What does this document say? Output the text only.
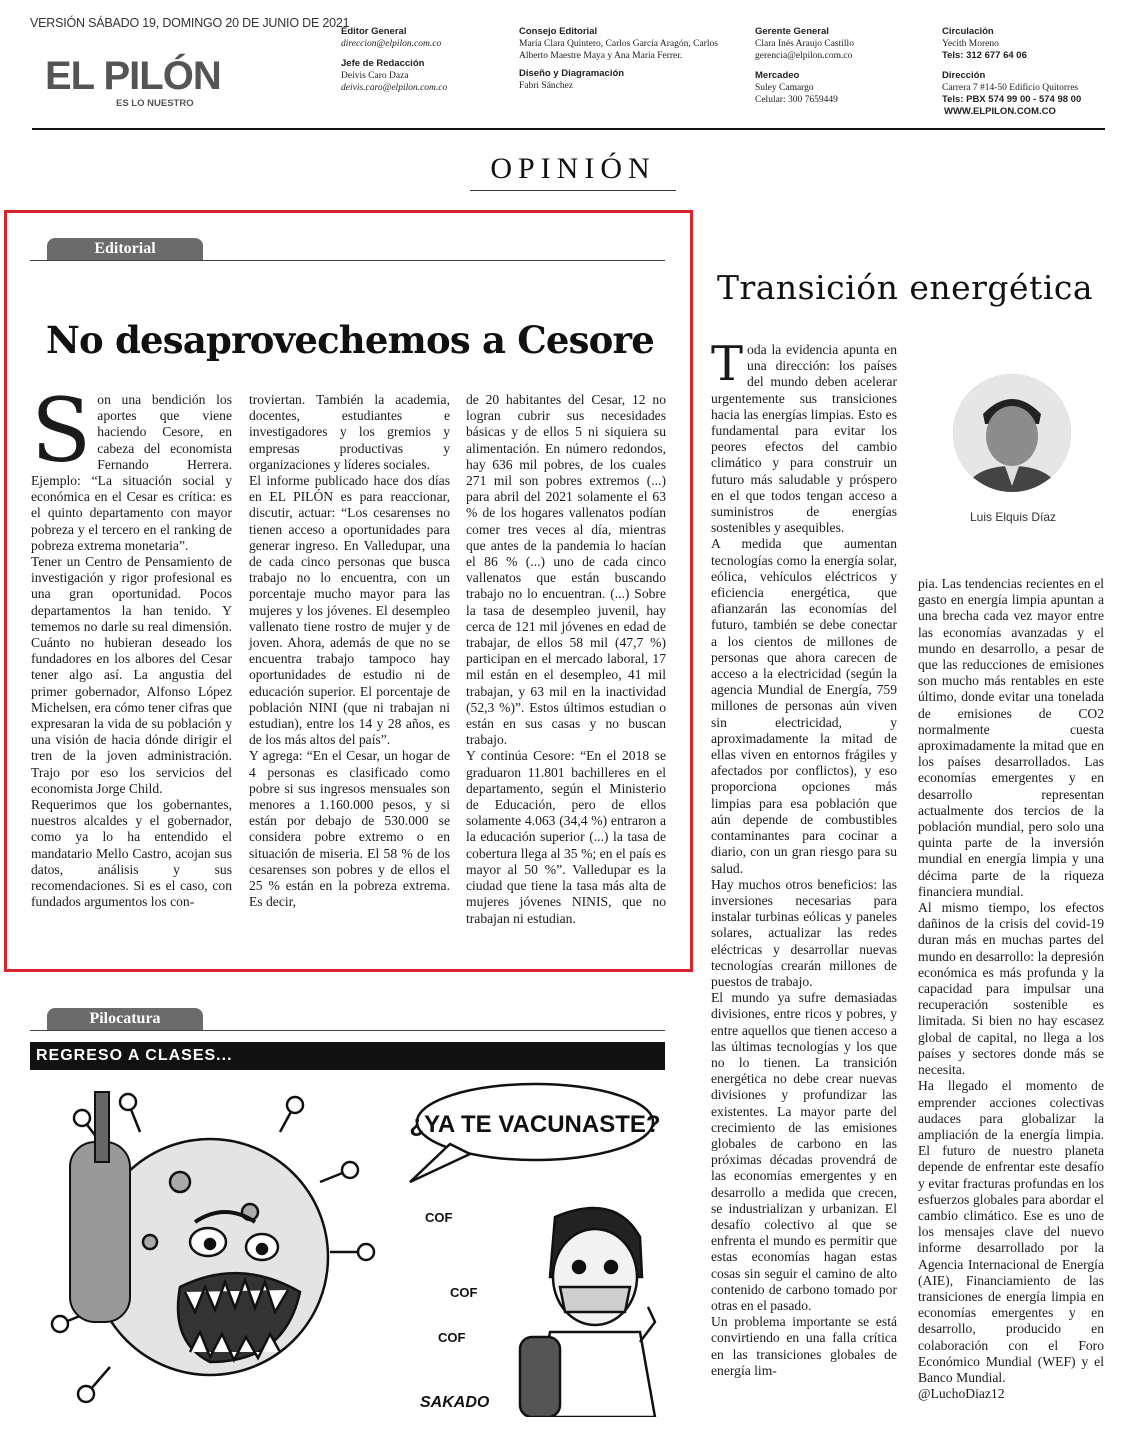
VERSIÓN SÁBADO 19, DOMINGO 20 DE JUNIO DE 2021
EL PILÓN
ES LO NUESTRO
Editor General
direccion@elpilon.com.co

Jefe de Redacción
Deivis Caro Daza
deivis.caro@elpilon.com.co
Consejo Editorial
María Clara Quintero, Carlos García Aragón, Carlos Alberto Maestre Maya y Ana María Ferrer.

Diseño y Diagramación
Fabri Sánchez
Gerente General
Clara Inés Araujo Castillo
gerencia@elpilon.com.co

Mercadeo
Suley Camargo
Celular: 300 7659449
Circulación
Yecith Moreno
Tels: 312 677 64 06

Dirección
Carrera 7 #14-50 Edificio Quitorres
Tels: PBX 574 99 00 - 574 98 00
WWW.ELPILON.COM.CO
OPINIÓN
Editorial
No desaprovechemos a Cesore
S on una bendición los aportes que viene haciendo Cesore, en cabeza del economista Fernando Herrera. Ejemplo: “La situación social y económica en el Cesar es crítica: es el quinto departamento con mayor pobreza y el tercero en el ranking de pobreza extrema monetaria”.

Tener un Centro de Pensamiento de investigación y rigor profesional es una gran oportunidad. Pocos departamentos la han tenido. Y tememos no darle su real dimensión. Cuánto no hubieran deseado los fundadores en los albores del Cesar tener algo así. La angustia del primer gobernador, Alfonso López Michelsen, era cómo tener cifras que expresaran la vida de su población y una visión de hacia dónde dirigir el tren de la joven administración. Trajo por eso los servicios del economista Jorge Child.

Requerimos que los gobernantes, nuestros alcaldes y el gobernador, como ya lo ha entendido el mandatario Mello Castro, acojan sus datos, análisis y sus recomendaciones. Si es el caso, con fundados argumentos los con-

troviertan. También la academia, docentes, estudiantes e investigadores y los gremios y empresas productivas y organizaciones y líderes sociales.

El informe publicado hace dos días en EL PILÓN es para reaccionar, discutir, actuar: “Los cesarenses no tienen acceso a oportunidades para generar ingreso. En Valledupar, una de cada cinco personas que busca trabajo no lo encuentra, con un porcentaje mucho mayor para las mujeres y los jóvenes. El desempleo vallenato tiene rostro de mujer y de joven. Ahora, además de que no se encuentra trabajo tampoco hay oportunidades de estudio ni de educación superior. El porcentaje de población NINI (que ni trabajan ni estudian), entre los 14 y 28 años, es de los más altos del país”.

Y agrega: “En el Cesar, un hogar de 4 personas es clasificado como pobre si sus ingresos mensuales son menores a 1.160.000 pesos, y si están por debajo de 530.000 se considera pobre extremo o en situación de miseria. El 58 % de los cesarenses son pobres y de ellos el 25 % están en la pobreza extrema. Es decir,

de 20 habitantes del Cesar, 12 no logran cubrir sus necesidades básicas y de ellos 5 ni siquiera su alimentación. En número redondos, hay 636 mil pobres, de los cuales 271 mil son pobres extremos (...) para abril del 2021 solamente el 63 % de los hogares vallenatos podían comer tres veces al día, mientras que antes de la pandemia lo hacían el 86 % (...) uno de cada cinco vallenatos que están buscando trabajo no lo encuentran. (...) Sobre la tasa de desempleo juvenil, hay cerca de 121 mil jóvenes en edad de trabajar, de ellos 58 mil (47,7 %) participan en el mercado laboral, 17 mil están en el desempleo, 41 mil trabajan, y 63 mil en la inactividad (52,3 %)”. Estos últimos estudian o están en sus casas y no buscan trabajo.

Y continúa Cesore: “En el 2018 se graduaron 11.801 bachilleres en el departamento, según el Ministerio de Educación, pero de ellos solamente 4.063 (34,4 %) entraron a la educación superior (...) la tasa de cobertura llega al 35 %; en el país es mayor al 50 %”. Valledupar es la ciudad que tiene la tasa más alta de mujeres jóvenes NINIS, que no trabajan ni estudian.

Pilocatura
REGRESO A CLASES...
¿YA TE VACUNASTE?
COF
COF
COF
SAKADO
Transición energética
Luis Elquis Díaz
T oda la evidencia apunta en una dirección: los países del mundo deben acelerar urgentemente sus transiciones hacia las energías limpias. Esto es fundamental para evitar los peores efectos del cambio climático y para construir un futuro más saludable y próspero en el que todos tengan acceso a suministros de energías sostenibles y asequibles.

A medida que aumentan tecnologías como la energía solar, eólica, vehículos eléctricos y eficiencia energética, que afianzarán las economías del futuro, también se debe conectar a los cientos de millones de personas que ahora carecen de acceso a la electricidad (según la agencia Mundial de Energía, 759 millones de personas aún viven sin electricidad, y aproximadamente la mitad de ellas viven en entornos frágiles y afectados por conflictos), y eso proporciona opciones más limpias para esa población que aún depende de combustibles contaminantes para cocinar a diario, con un gran riesgo para su salud.

Hay muchos otros beneficios: las inversiones necesarias para instalar turbinas eólicas y paneles solares, actualizar las redes eléctricas y desarrollar nuevas tecnologías crearán millones de puestos de trabajo.

El mundo ya sufre demasiadas divisiones, entre ricos y pobres, y entre aquellos que tienen acceso a las últimas tecnologías y los que no lo tienen. La transición energética no debe crear nuevas divisiones y profundizar las existentes. La mayor parte del crecimiento de las emisiones globales de carbono en las próximas décadas provendrá de las economías emergentes y en desarrollo a medida que crecen, se industrializan y urbanizan. El desafío colectivo al que se enfrenta el mundo es permitir que estas economías hagan estas cosas sin seguir el camino de alto contenido de carbono tomado por otras en el pasado.

Un problema importante se está convirtiendo en una falla crítica en las transiciones globales de energía lim-

pia. Las tendencias recientes en el gasto en energía limpia apuntan a una brecha cada vez mayor entre las economías avanzadas y el mundo en desarrollo, a pesar de que las reducciones de emisiones son mucho más rentables en este último, donde evitar una tonelada de emisiones de CO2 normalmente cuesta aproximadamente la mitad que en los países desarrollados. Las economías emergentes y en desarrollo representan actualmente dos tercios de la población mundial, pero solo una quinta parte de la inversión mundial en energía limpia y una décima parte de la riqueza financiera mundial.

Al mismo tiempo, los efectos dañinos de la crisis del covid-19 duran más en muchas partes del mundo en desarrollo: la depresión económica es más profunda y la capacidad para impulsar una recuperación sostenible es limitada. Si bien no hay escasez global de capital, no llega a los países y sectores donde más se necesita.

Ha llegado el momento de emprender acciones colectivas audaces para globalizar la ampliación de la energía limpia. El futuro de nuestro planeta depende de enfrentar este desafío y evitar fracturas profundas en los esfuerzos globales para abordar el cambio climático. Ese es uno de los mensajes clave del nuevo informe desarrollado por la Agencia Internacional de Energía (AIE), Financiamiento de las transiciones de energía limpia en economías emergentes y en desarrollo, producido en colaboración con el Foro Económico Mundial (WEF) y el Banco Mundial.

@LuchoDiaz12
